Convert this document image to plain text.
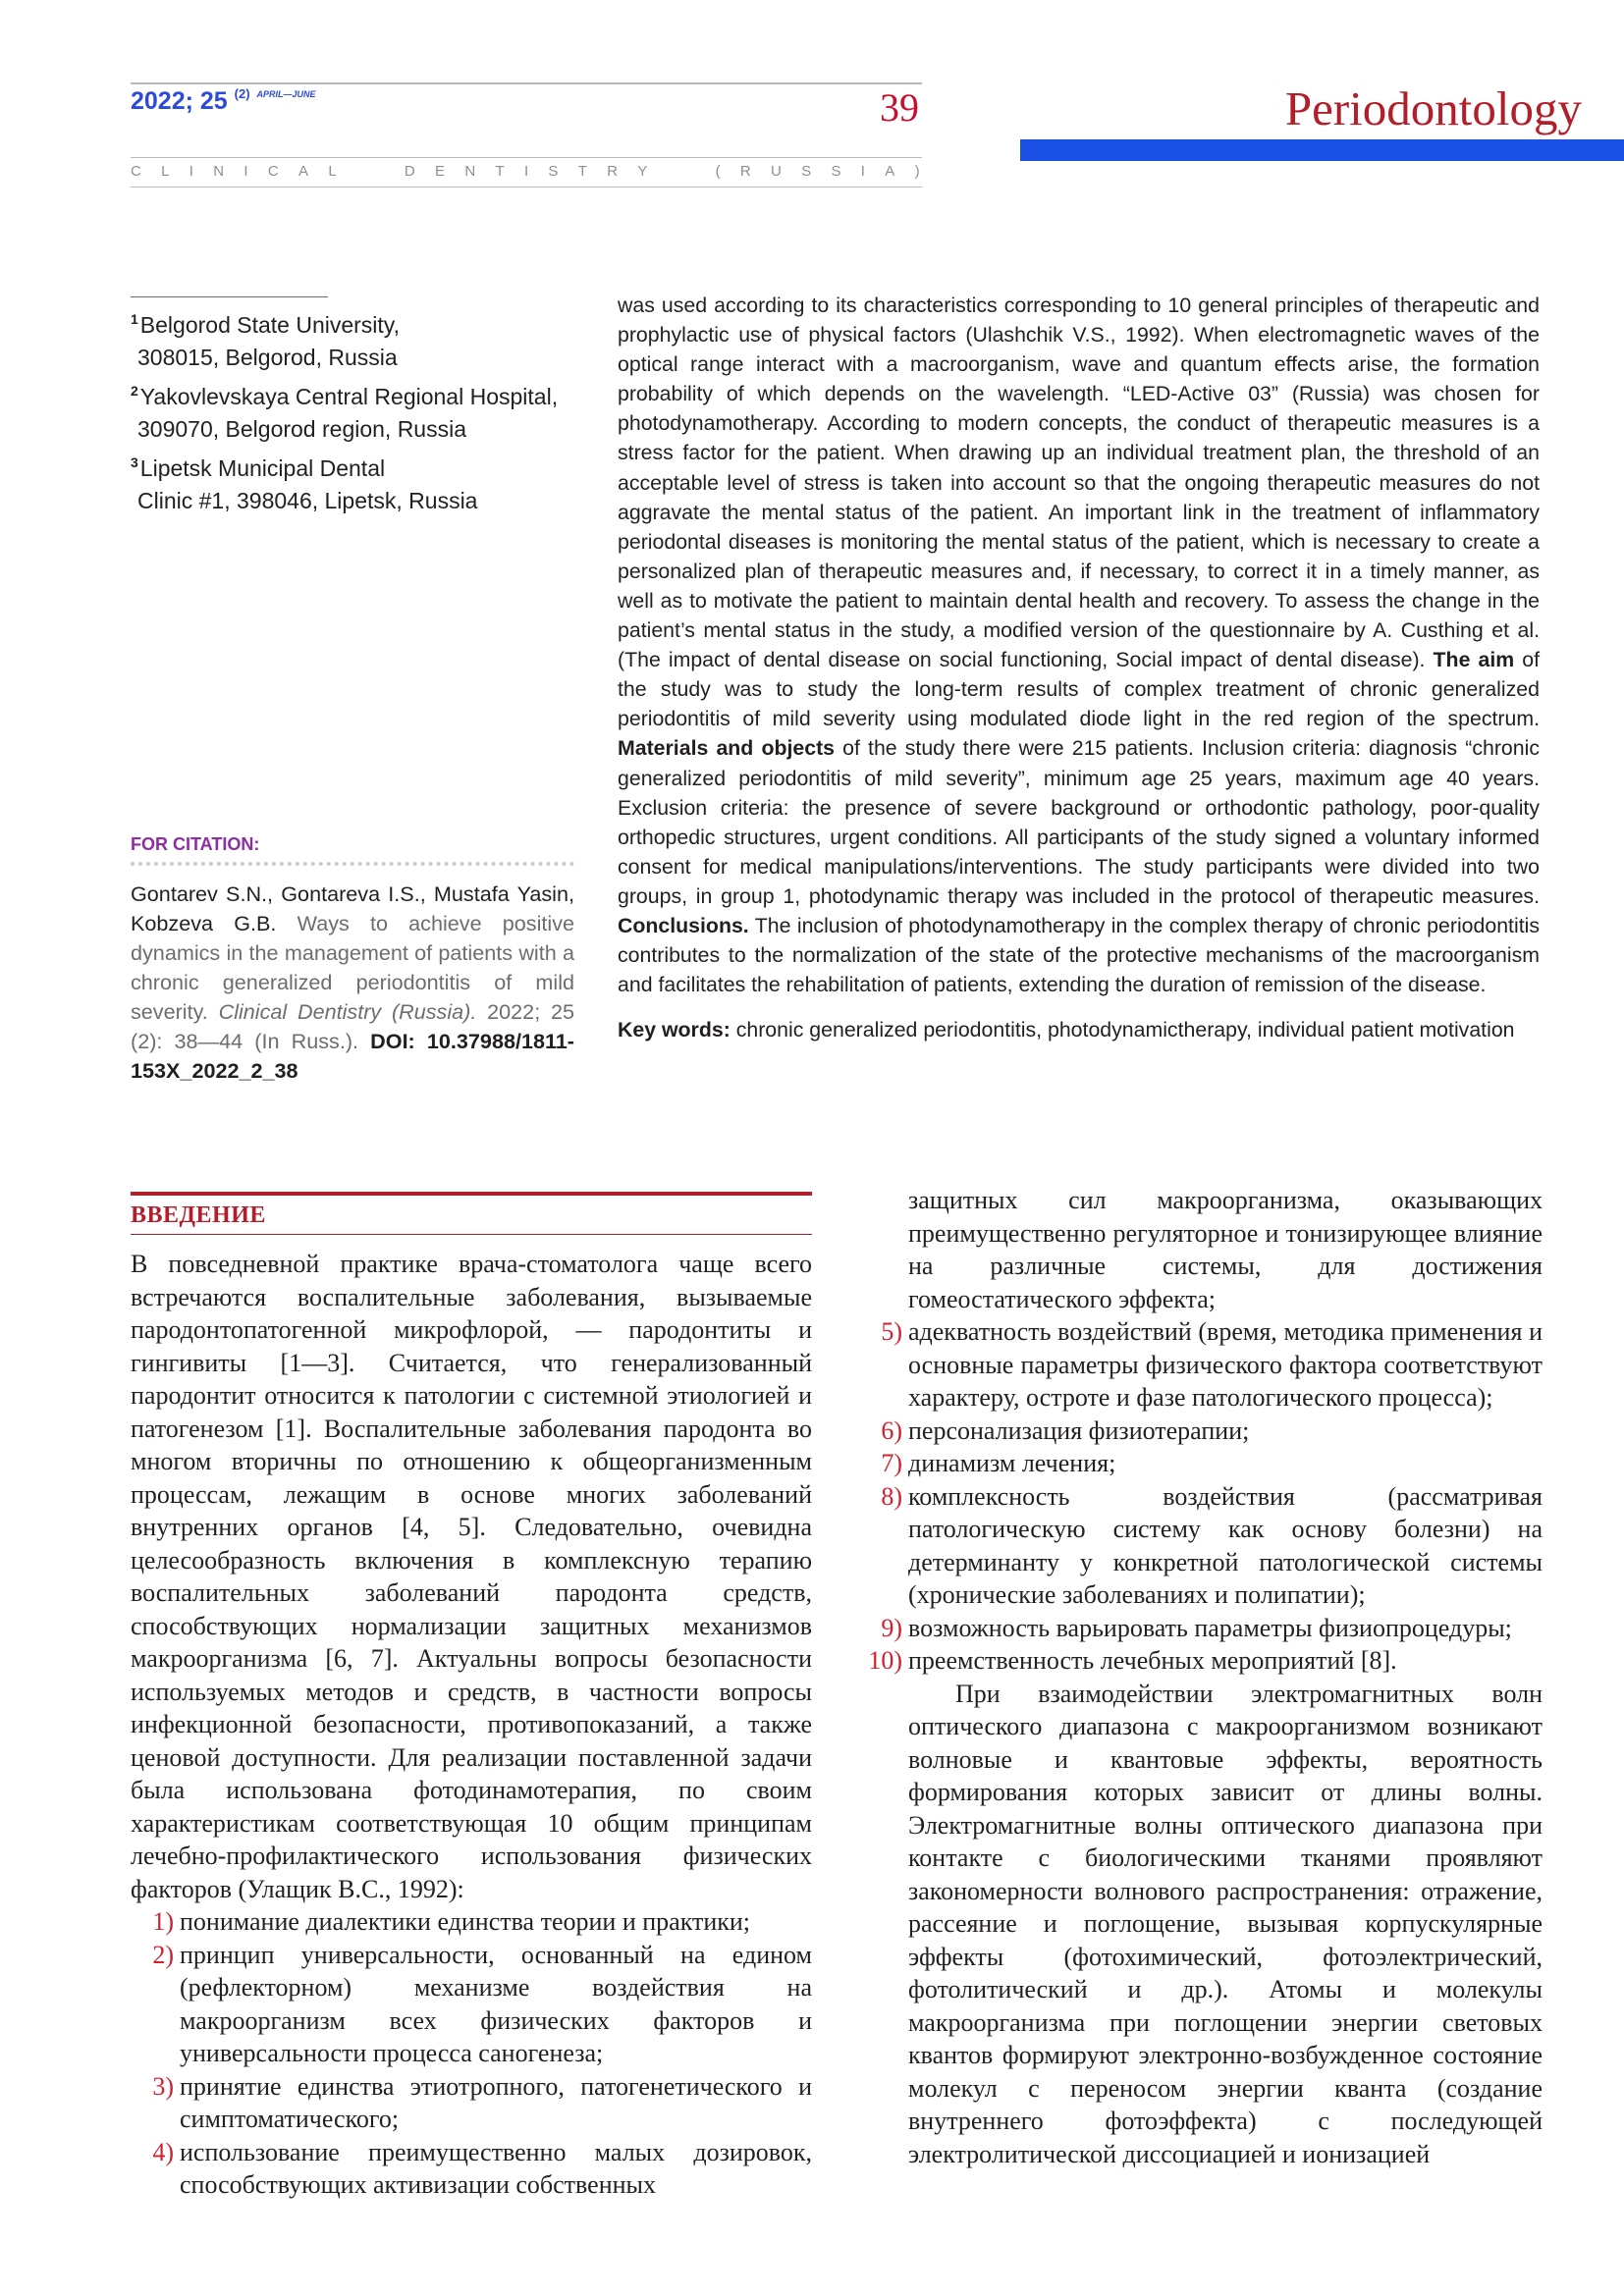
2022; 25 $^{(2)}$ $^{APRIL—JUNE}$	39
C L I N I C A L

	D E N T I S T R Y

	( R U S S I A )
Periodontology
$^1$Belgorod State University,
308015, Belgorod, Russia
$^2$Yakovlevskaya Central Regional Hospital,
309070, Belgorod region, Russia
$^3$Lipetsk Municipal Dental
Clinic #1, 398046, Lipetsk, Russia
FOR CITATION:
Gontarev S.N., Gontareva I.S., Mustafa Yasin, Kobzeva G.B. Ways to achieve positive dynamics in the management of patients with a chronic generalized periodontitis of mild severity. Clinical Dentistry (Russia). 2022; 25 (2): 38—44 (In Russ.). DOI: 10.37988/1811-153X_2022_2_38

was used according to its characteristics corresponding to 10 general principles of therapeutic and prophylactic use of physical factors (Ulashchik V.S., 1992). When electromagnetic waves of the optical range interact with a macroorganism, wave and quantum effects arise, the formation probability of which depends on the wavelength. “LED-Active 03” (Russia) was chosen for photodynamotherapy. According to modern concepts, the conduct of therapeutic measures is a stress factor for the patient. When drawing up an individual treatment plan, the threshold of an acceptable level of stress is taken into account so that the ongoing therapeutic measures do not aggravate the mental status of the patient. An important link in the treatment of inflammatory periodontal diseases is monitoring the mental status of the patient, which is necessary to create a personalized plan of therapeutic measures and, if necessary, to correct it in a timely manner, as well as to motivate the patient to maintain dental health and recovery. To assess the change in the patient’s mental status in the study, a modified version of the questionnaire by A. Custhing et al. (The impact of dental disease on social functioning, Social impact of dental disease). The aim of the study was to study the long-term results of complex treatment of chronic generalized periodontitis of mild severity using modulated diode light in the red region of the spectrum. Materials and objects of the study there were 215 patients. Inclusion criteria: diagnosis “chronic generalized periodontitis of mild severity”, minimum age 25 years, maximum age 40 years. Exclusion criteria: the presence of severe background or orthodontic pathology, poor-quality orthopedic structures, urgent conditions. All participants of the study signed a voluntary informed consent for medical manipulations/interventions. The study participants were divided into two groups, in group 1, photodynamic therapy was included in the protocol of therapeutic measures. Conclusions. The inclusion of photodynamotherapy in the complex therapy of chronic periodontitis contributes to the normalization of the state of the protective mechanisms of the macroorganism and facilitates the rehabilitation of patients, extending the duration of remission of the disease.

Key words: chronic generalized periodontitis, photodynamictherapy, individual patient motivation

ВВЕДЕНИЕ

В повседневной практике врача-стоматолога чаще всего встречаются воспалительные заболевания, вызываемые пародонтопатогенной микрофлорой, — пародонтиты и гингивиты [1—3]. Считается, что генерализованный пародонтит относится к патологии с системной этиологией и патогенезом [1]. Воспалительные заболевания пародонта во многом вторичны по отношению к общеорганизменным процессам, лежащим в основе многих заболеваний внутренних органов [4, 5]. Следовательно, очевидна целесообразность включения в комплексную терапию воспалительных заболеваний пародонта средств, способствующих нормализации защитных механизмов макроорганизма [6, 7]. Актуальны вопросы безопасности используемых методов и средств, в частности вопросы инфекционной безопасности, противопоказаний, а также ценовой доступности. Для реализации поставленной задачи была использована фотодинамотерапия, по своим характеристикам соответствующая 10 общим принципам лечебно-профилактического использования физических факторов (Улащик В.С., 1992):

1) понимание диалектики единства теории и практики;
2) принцип универсальности, основанный на едином (рефлекторном) механизме воздействия на макроорганизм всех физических факторов и универсальности процесса саногенеза;
3) принятие единства этиотропного, патогенетического и симптоматического;
4) использование преимущественно малых дозировок, способствующих активизации собственных

защитных сил макроорганизма, оказывающих преимущественно регуляторное и тонизирующее влияние на различные системы, для достижения гомеостатического эффекта;

5) адекватность воздействий (время, методика применения и основные параметры физического фактора соответствуют характеру, остроте и фазе патологического процесса);
6) персонализация физиотерапии;
7) динамизм лечения;
8) комплексность воздействия (рассматривая патологическую систему как основу болезни) на детерминанту у конкретной патологической системы (хронические заболеваниях и полипатии);
9) возможность варьировать параметры физиопроцедуры;
10) преемственность лечебных мероприятий [8].

При взаимодействии электромагнитных волн оптического диапазона с макроорганизмом возникают волновые и квантовые эффекты, вероятность формирования которых зависит от длины волны. Электромагнитные волны оптического диапазона при контакте с биологическими тканями проявляют закономерности волнового распространения: отражение, рассеяние и поглощение, вызывая корпускулярные эффекты (фотохимический, фотоэлектрический, фотолитический и др.). Атомы и молекулы макроорганизма при поглощении энергии световых квантов формируют электронно-возбужденное состояние молекул с переносом энергии кванта (создание внутреннего фотоэффекта) с последующей электролитической диссоциацией и ионизацией
